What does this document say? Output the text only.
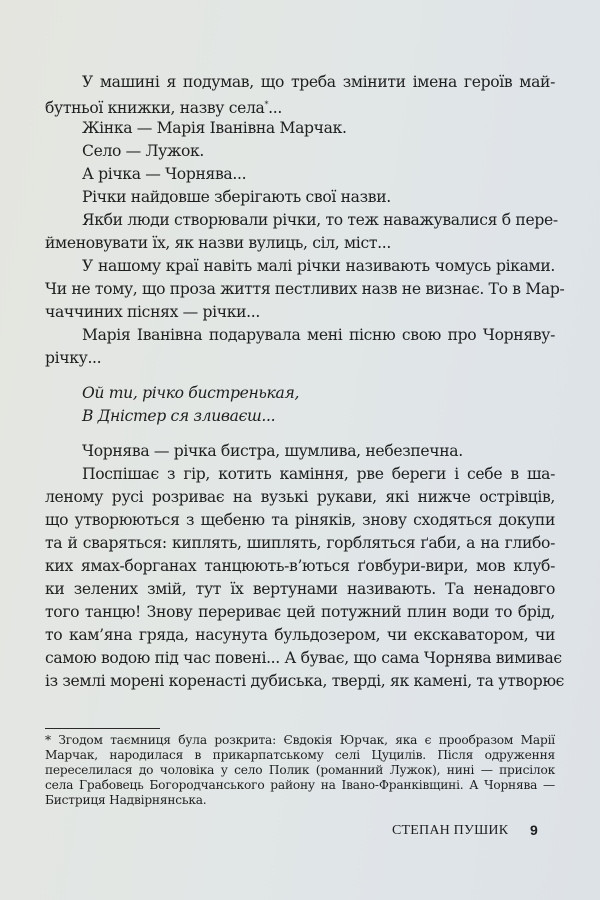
У машині я подумав, що треба змінити імена героїв май-
бутньої книжки, назву села*...
Жінка — Марія Іванівна Марчак.
Село — Лужок.
А річка — Чорнява...
Річки найдовше зберігають свої назви.
Якби люди створювали річки, то теж наважувалися б пере-
йменовувати їх, як назви вулиць, сіл, міст...
У нашому краї навіть малі річки називають чомусь ріками.
Чи не тому, що проза життя пестливих назв не визнає. То в Мар-
чаччиних піснях — річки...
Марія Іванівна подарувала мені пісню свою про Чорняву-
річку...
Ой ти, річко бистренькая,
В Дністер ся зливаєш...
Чорнява — річка бистра, шумлива, небезпечна.
Поспішає з гір, котить каміння, рве береги і себе в ша-
леному русі розриває на вузькі рукави, які нижче острівців,
що утворюються з щебеню та ріняків, знову сходяться докупи
та й сваряться: киплять, шиплять, горбляться ґаби, а на глибо-
ких ямах-борганах танцюють-в’ються ґовбури-вири, мов клуб-
ки зелених змій, тут їх вертунами називають. Та ненадовго
того танцю! Знову перериває цей потужний плин води то брід,
то кам’яна гряда, насунута бульдозером, чи екскаватором, чи
самою водою під час повені... А буває, що сама Чорнява вимиває
із землі морені коренасті дубиська, тверді, як камені, та утворює
* Згодом таємниця була розкрита: Євдокія Юрчак, яка є прообразом Марії
Марчак, народилася в прикарпатському селі Цуцилів. Після одруження
переселилася до чоловіка у село Полик (романний Лужок), нині — присілок
села Грабовець Богородчанського району на Івано-Франківщині. А Чорнява —
Бистриця Надвірнянська.
СТЕПАН ПУШИК 9
